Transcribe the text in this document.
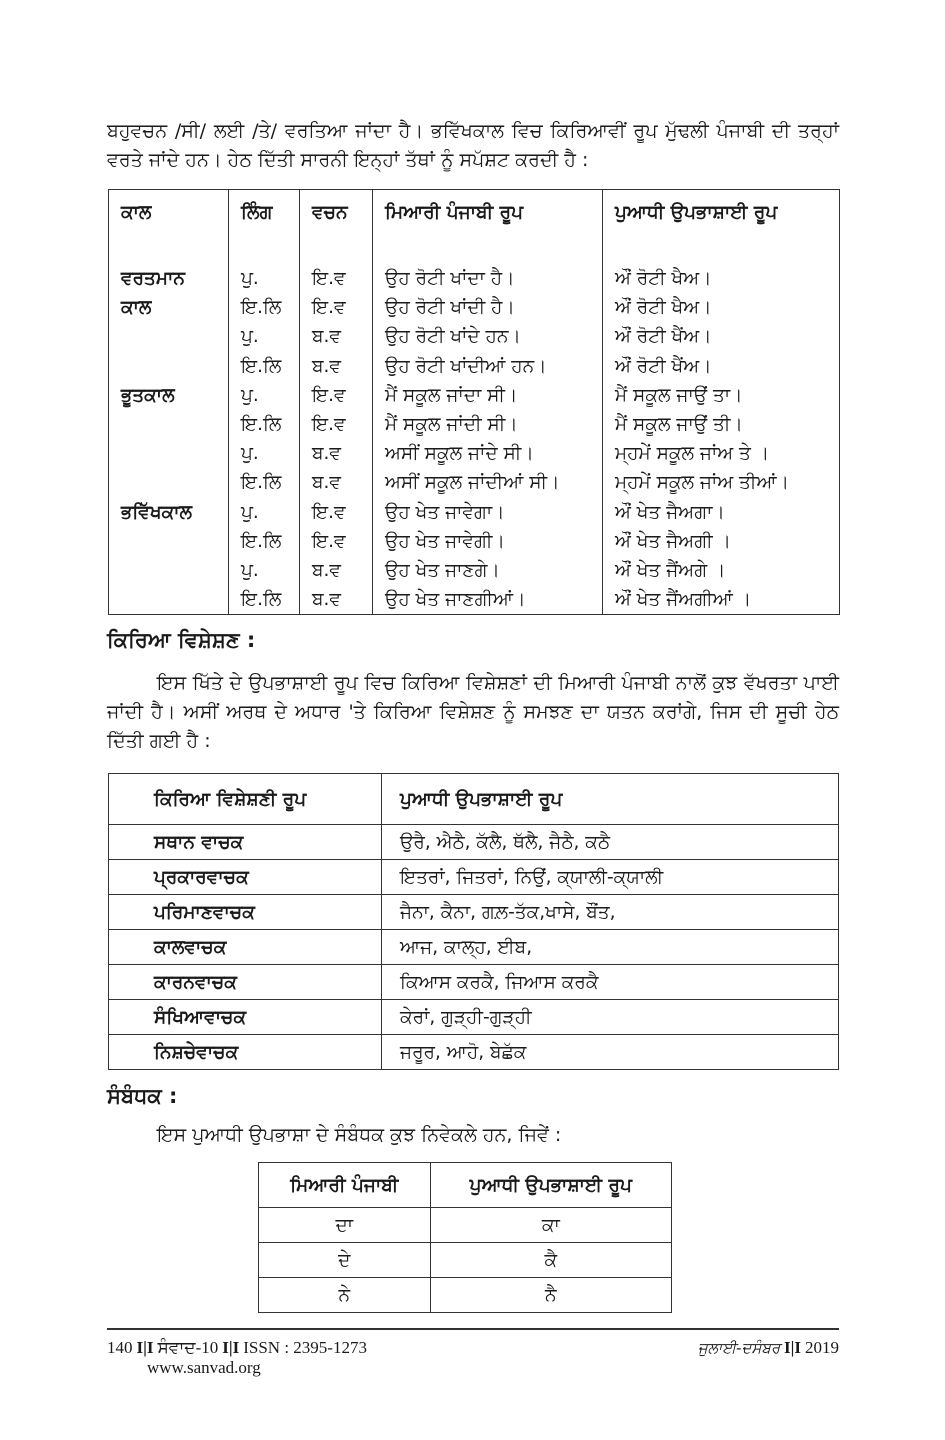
ਬਹੁਵਚਨ /ਸੀ/ ਲਈ /ਤੇ/ ਵਰਤਿਆ ਜਾਂਦਾ ਹੈ। ਭਵਿੱਖਕਾਲ ਵਿਚ ਕਿਰਿਆਵੀਂ ਰੂਪ ਮੁੱਢਲੀ ਪੰਜਾਬੀ ਦੀ ਤਰ੍ਹਾਂ ਵਰਤੇ ਜਾਂਦੇ ਹਨ। ਹੇਠ ਦਿੱਤੀ ਸਾਰਨੀ ਇਨ੍ਹਾਂ ਤੱਥਾਂ ਨੂੰ ਸਪੱਸ਼ਟ ਕਰਦੀ ਹੈ :

ਕਾਲ	ਲਿੰਗ	ਵਚਨ	ਮਿਆਰੀ ਪੰਜਾਬੀ ਰੂਪ	ਪੁਆਧੀ ਉਪਭਾਸ਼ਾਈ ਰੂਪ

ਵਰਤਮਾਨ	ਪੁ.	ਇ.ਵ	ਉਹ ਰੋਟੀ ਖਾਂਦਾ ਹੈ।	ਔਂ ਰੋਟੀ ਖੈਅ।
ਕਾਲ	ਇ.ਲਿ	ਇ.ਵ	ਉਹ ਰੋਟੀ ਖਾਂਦੀ ਹੈ।	ਔਂ ਰੋਟੀ ਖੈਅ।
	ਪੁ.	ਬ.ਵ	ਉਹ ਰੋਟੀ ਖਾਂਦੇ ਹਨ।	ਔਂ ਰੋਟੀ ਖੈਂਅ।
	ਇ.ਲਿ	ਬ.ਵ	ਉਹ ਰੋਟੀ ਖਾਂਦੀਆਂ ਹਨ।	ਔਂ ਰੋਟੀ ਖੈਂਅ।
ਭੂਤਕਾਲ	ਪੁ.	ਇ.ਵ	ਮੈਂ ਸਕੂਲ ਜਾਂਦਾ ਸੀ।	ਮੈਂ ਸਕੂਲ ਜਾਉਂ ਤਾ।
	ਇ.ਲਿ	ਇ.ਵ	ਮੈਂ ਸਕੂਲ ਜਾਂਦੀ ਸੀ।	ਮੈਂ ਸਕੂਲ ਜਾਉਂ ਤੀ।
	ਪੁ.	ਬ.ਵ	ਅਸੀਂ ਸਕੂਲ ਜਾਂਦੇ ਸੀ।	ਮ੍ਹਮੇਂ ਸਕੂਲ ਜਾਂਅ ਤੇ ।
	ਇ.ਲਿ	ਬ.ਵ	ਅਸੀਂ ਸਕੂਲ ਜਾਂਦੀਆਂ ਸੀ।	ਮ੍ਹਮੇਂ ਸਕੂਲ ਜਾਂਅ ਤੀਆਂ।
ਭਵਿੱਖਕਾਲ	ਪੁ.	ਇ.ਵ	ਉਹ ਖੇਤ ਜਾਵੇਗਾ।	ਔਂ ਖੇਤ ਜੈਅਗਾ।
	ਇ.ਲਿ	ਇ.ਵ	ਉਹ ਖੇਤ ਜਾਵੇਗੀ।	ਔਂ ਖੇਤ ਜੈਅਗੀ ।
	ਪੁ.	ਬ.ਵ	ਉਹ ਖੇਤ ਜਾਣਗੇ।	ਔਂ ਖੇਤ ਜੈਂਅਗੇ ।
	ਇ.ਲਿ	ਬ.ਵ	ਉਹ ਖੇਤ ਜਾਣਗੀਆਂ।	ਔਂ ਖੇਤ ਜੈਂਅਗੀਆਂ ।
ਕਿਰਿਆ ਵਿਸ਼ੇਸ਼ਣ :

ਇਸ ਖਿੱਤੇ ਦੇ ਉਪਭਾਸ਼ਾਈ ਰੂਪ ਵਿਚ ਕਿਰਿਆ ਵਿਸ਼ੇਸ਼ਣਾਂ ਦੀ ਮਿਆਰੀ ਪੰਜਾਬੀ ਨਾਲੋਂ ਕੁਝ ਵੱਖਰਤਾ ਪਾਈ ਜਾਂਦੀ ਹੈ। ਅਸੀਂ ਅਰਥ ਦੇ ਅਧਾਰ 'ਤੇ ਕਿਰਿਆ ਵਿਸ਼ੇਸ਼ਣ ਨੂੰ ਸਮਝਣ ਦਾ ਯਤਨ ਕਰਾਂਗੇ, ਜਿਸ ਦੀ ਸੂਚੀ ਹੇਠ ਦਿੱਤੀ ਗਈ ਹੈ :

ਕਿਰਿਆ ਵਿਸ਼ੇਸ਼ਣੀ ਰੂਪ	ਪੁਆਧੀ ਉਪਭਾਸ਼ਾਈ ਰੂਪ
ਸਥਾਨ ਵਾਚਕ	ਉਰੈ, ਐਠੈ, ਕੱਲੈ, ਥੱਲੈ, ਜੈਠੈ, ਕਠੈ
ਪ੍ਰਕਾਰਵਾਚਕ	ਇਤਰਾਂ, ਜਿਤਰਾਂ, ਨਿਉਂ, ਕ੍ਯਾਲੀ-ਕ੍ਯਾਲੀ
ਪਰਿਮਾਣਵਾਚਕ	ਜੈਨਾ, ਕੈਨਾ, ਗਲ਼-ਤੱਕ,ਖਾਸੇ, ਬੌਂਤ,
ਕਾਲਵਾਚਕ	ਆਜ, ਕਾਲ੍ਹ, ਈਬ,
ਕਾਰਨਵਾਚਕ	ਕਿਆਸ ਕਰਕੈ, ਜਿਆਸ ਕਰਕੈ
ਸੰਖਿਆਵਾਚਕ	ਕੇਰਾਂ, ਗੁੜ੍ਹੀ-ਗੁੜ੍ਹੀ
ਨਿਸ਼ਚੇਵਾਚਕ	ਜਰੂਰ, ਆਹੋ, ਬੇਛੱਕ
ਸੰਬੰਧਕ :

ਇਸ ਪੁਆਧੀ ਉਪਭਾਸ਼ਾ ਦੇ ਸੰਬੰਧਕ ਕੁਝ ਨਿਵੇਕਲੇ ਹਨ, ਜਿਵੇਂ :

ਮਿਆਰੀ ਪੰਜਾਬੀ	ਪੁਆਧੀ ਉਪਭਾਸ਼ਾਈ ਰੂਪ
ਦਾ	ਕਾ
ਦੇ	ਕੈ
ਨੇ	ਨੈ
140 I|I ਸੰਵਾਦ-10 I|I ISSN : 2395-1273
www.sanvad.org
ਜੁਲਾਈ-ਦਸੰਬਰ I|I 2019
